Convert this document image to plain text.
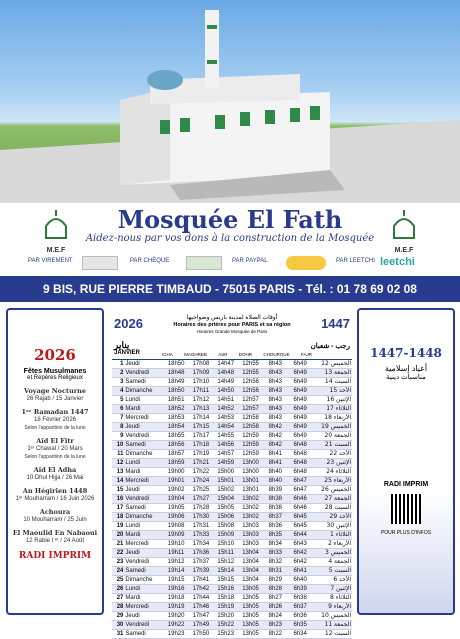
M.E.F	M.E.F
Mosquée El Fath
Aidez-nous par vos dons à la construction de la Mosquée
PAR VIREMENT	PAR CHÈQUE	PAR PAYPAL	PAR LEETCHI leetchi
9 BIS, RUE PIERRE TIMBAUD - 75015 PARIS - Tél. : 01 78 69 02 08
2026
Fêtes Musulmanes
et Repères Religieux
Voyage Nocturne
26 Rajab / 15 Janvier
1ᵉʳ Ramadan 1447
18 Février 2026
Selon l'apparition de la lune
Aïd El Fitr
1ᵉʳ Chawal / 20 Mars
Selon l'apparition de la lune
Aïd El Adha
10 Dhul Hijja / 26 Mai
An Hégirien 1448
1ᵉʳ Mouharram / 16 Juin 2026
Achoura
10 Mouharram / 25 Juin
El Maoulid En Nabaoui
12 Rabie I ᵉʳ / 24 Août
RADI IMPRIM
2026	1447
أوقات الصلاة لمدينة باريس وضواحيها
Horaires des prières pour PARIS et sa région
Horaires Grande Mosquée de Paris
يناير
JANVIER
رجب - شعبان
ICHA	MAGHREB	ASR	DOHR	CHOUROUK	FAJR
1	Jeudi	18h50	17h08	14h47	12h55	8h43	6h49	12 الخميس
2	Vendredi	18h48	17h09	14h48	12h55	8h43	6h49	13 الجمعة
3	Samedi	18h49	17h10	14h49	12h56	8h43	6h49	14 السبت
4	Dimanche	18h50	17h11	14h50	12h56	8h43	6h49	15 الأحد
5	Lundi	18h51	17h12	14h51	12h57	8h43	6h49	16 الإثنين
6	Mardi	18h52	17h13	14h52	12h57	8h43	6h49	17 الثلاثاء
7	Mercredi	18h53	17h14	14h53	12h58	8h43	6h49	18 الأربعاء
8	Jeudi	18h54	17h15	14h54	12h58	8h42	6h49	19 الخميس
9	Vendredi	18h55	17h17	14h55	12h59	8h42	6h49	20 الجمعة
10	Samedi	18h56	17h18	14h56	12h59	8h42	6h48	21 السبت
11	Dimanche	18h57	17h19	14h57	12h59	8h41	6h48	22 الأحد
12	Lundi	18h59	17h21	14h59	13h00	8h41	6h48	23 الإثنين
13	Mardi	19h00	17h22	15h00	13h00	8h40	6h48	24 الثلاثاء
14	Mercredi	19h01	17h24	15h01	13h01	8h40	6h47	25 الأربعاء
15	Jeudi	19h02	17h25	15h02	13h01	8h39	6h47	26 الخميس
16	Vendredi	19h04	17h27	15h04	13h02	8h38	6h46	27 الجمعة
17	Samedi	19h05	17h28	15h05	13h02	8h38	6h46	28 السبت
18	Dimanche	19h06	17h30	15h06	13h02	8h37	6h45	29 الأحد
19	Lundi	19h08	17h31	15h08	13h03	8h36	6h45	30 الإثنين
20	Mardi	19h09	17h33	15h09	13h03	8h35	6h44	1 الثلاثاء
21	Mercredi	19h10	17h34	15h10	13h03	8h34	6h43	2 الأربعاء
22	Jeudi	19h11	17h36	15h11	13h04	8h33	6h42	3 الخميس
23	Vendredi	19h12	17h37	15h12	13h04	8h32	6h42	4 الجمعة
24	Samedi	19h14	17h39	15h14	13h04	8h31	6h41	5 السبت
25	Dimanche	19h15	17h41	15h15	13h04	8h29	6h40	6 الأحد
26	Lundi	19h16	17h42	15h16	13h05	8h28	6h39	7 الإثنين
27	Mardi	19h18	17h44	15h18	13h05	8h27	6h38	8 الثلاثاء
28	Mercredi	19h19	17h46	15h19	13h05	8h26	6h37	9 الأربعاء
29	Jeudi	19h20	17h47	15h20	13h05	8h24	6h36	10 الخميس
30	Vendredi	19h22	17h49	15h22	13h05	8h23	6h35	11 الجمعة
31	Samedi	19h23	17h50	15h23	13h05	8h22	6h34	12 السبت
1447-1448
أعياد إسلامية
مناسبات دينية
RADI IMPRIM
POUR PLUS D'INFOS
